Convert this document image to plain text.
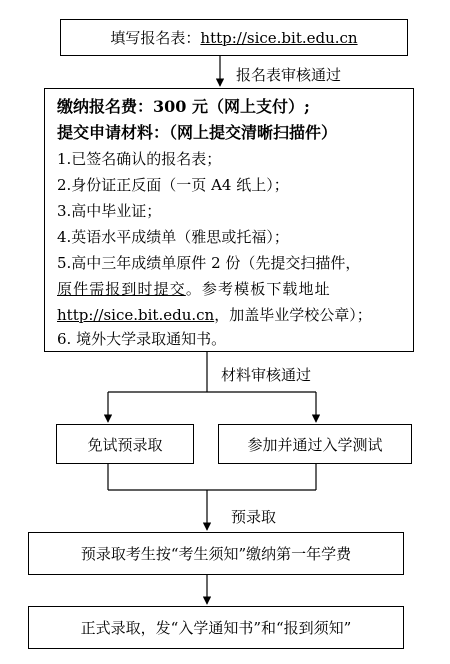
填写报名表： http://sice.bit.edu.cn
报名表审核通过
缴纳报名费：300 元（网上支付）;
提交申请材料：（网上提交清晰扫描件）
1.已签名确认的报名表；
2.身份证正反面（一页 A4 纸上）；
3.高中毕业证；
4.英语水平成绩单（雅思或托福）；
5.高中三年成绩单原件 2 份（先提交扫描件，
原件需报到时提交。参考模板下载地址
http://sice.bit.edu.cn，加盖毕业学校公章）；
6. 境外大学录取通知书。
材料审核通过
免试预录取	参加并通过入学测试
预录取
预录取考生按“考生须知”缴纳第一年学费
正式录取，发“入学通知书”和“报到须知”
